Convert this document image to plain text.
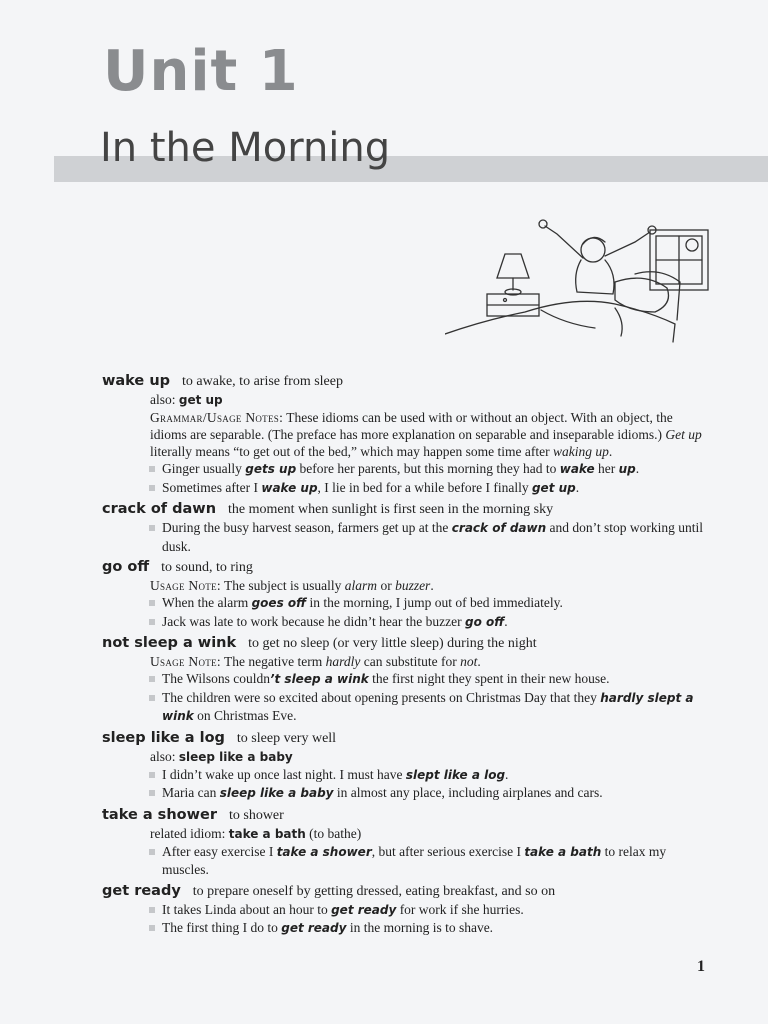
Unit 1
In the Morning
wake up to awake, to arise from sleep
also: get up
Grammar/Usage Notes: These idioms can be used with or without an object. With an object, the idioms are separable. (The preface has more explanation on separable and inseparable idioms.) Get up literally means “to get out of the bed,” which may happen some time after waking up.
Ginger usually gets up before her parents, but this morning they had to wake her up.
Sometimes after I wake up, I lie in bed for a while before I finally get up.
crack of dawn the moment when sunlight is first seen in the morning sky
During the busy harvest season, farmers get up at the crack of dawn and don’t stop working until dusk.
go off to sound, to ring
Usage Note: The subject is usually alarm or buzzer.
When the alarm goes off in the morning, I jump out of bed immediately.
Jack was late to work because he didn’t hear the buzzer go off.
not sleep a wink to get no sleep (or very little sleep) during the night
Usage Note: The negative term hardly can substitute for not.
The Wilsons couldn’t sleep a wink the first night they spent in their new house.
The children were so excited about opening presents on Christmas Day that they hardly slept a wink on Christmas Eve.
sleep like a log to sleep very well
also: sleep like a baby
I didn’t wake up once last night. I must have slept like a log.
Maria can sleep like a baby in almost any place, including airplanes and cars.
take a shower to shower
related idiom: take a bath (to bathe)
After easy exercise I take a shower, but after serious exercise I take a bath to relax my muscles.
get ready to prepare oneself by getting dressed, eating breakfast, and so on
It takes Linda about an hour to get ready for work if she hurries.
The first thing I do to get ready in the morning is to shave.
1
